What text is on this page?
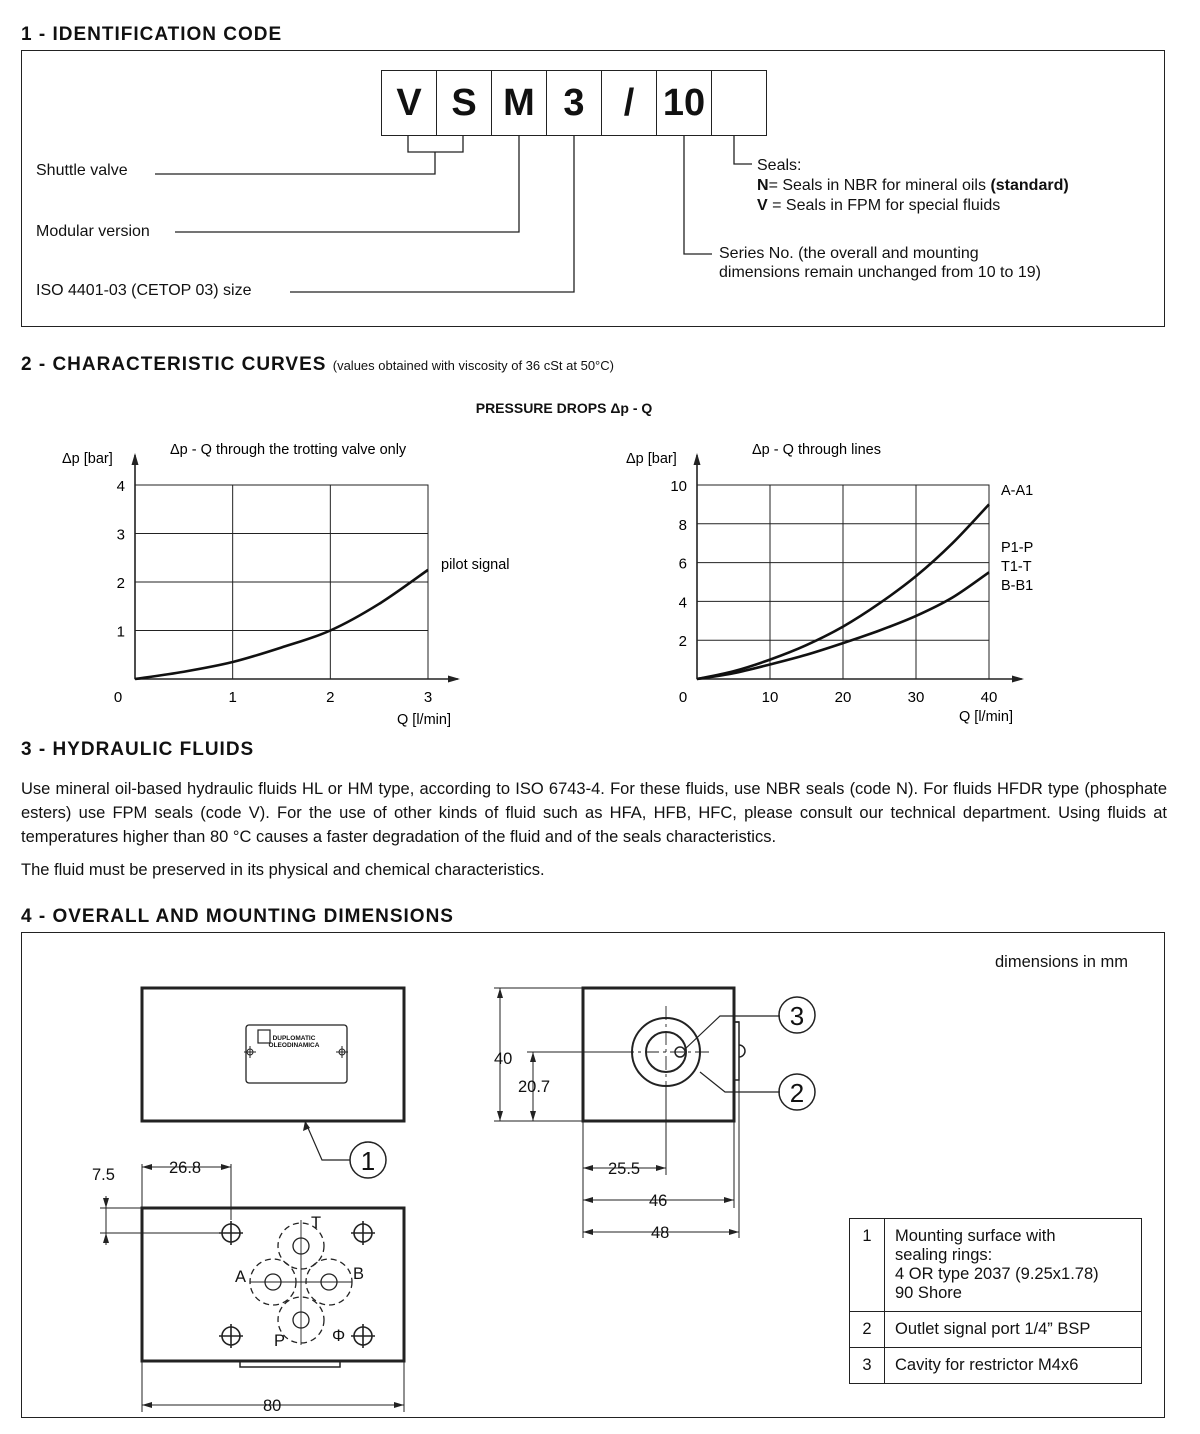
1 - IDENTIFICATION CODE
V S M 3	/ 10
Shuttle valve
Modular version
ISO 4401-03 (CETOP 03) size
Seals:
N= Seals in NBR for mineral oils (standard)
V = Seals in FPM for special fluids
Series No. (the overall and mounting
dimensions remain unchanged from 10 to 19)
2 - CHARACTERISTIC CURVES (values obtained with viscosity of 36 cSt at 50°C)
PRESSURE DROPS Δp - Q
Δp - Q through the trotting valve only
Δp [bar]
Q [l/min]
pilot signal
0	1	2	3
1
2
3
4
Δp - Q through lines
Δp [bar]
Q [l/min]
A-A1
P1-P
T1-T
B-B1
0	10	20	30	40
2
4
6
8
10
3 - HYDRAULIC FLUIDS
Use mineral oil-based hydraulic fluids HL or HM type, according to ISO 6743-4. For these fluids, use NBR seals (code N). For fluids HFDR type (phosphate esters) use FPM seals (code V). For the use of other kinds of fluid such as HFA, HFB, HFC, please consult our technical department. Using fluids at temperatures higher than 80 °C causes a faster degradation of the fluid and of the seals characteristics.
The fluid must be preserved in its physical and chemical characteristics.
4 - OVERALL AND MOUNTING DIMENSIONS
dimensions in mm
DUPLOMATIC
OLEODINAMICA
1
2
3
40
20.7
25.5
46
48
7.5	26.8
80
T
A	B
P	Φ
1	Mounting surface with
sealing rings:
4 OR type 2037 (9.25x1.78)
90 Shore

2	Outlet signal port 1/4” BSP
3	Cavity for restrictor M4x6
